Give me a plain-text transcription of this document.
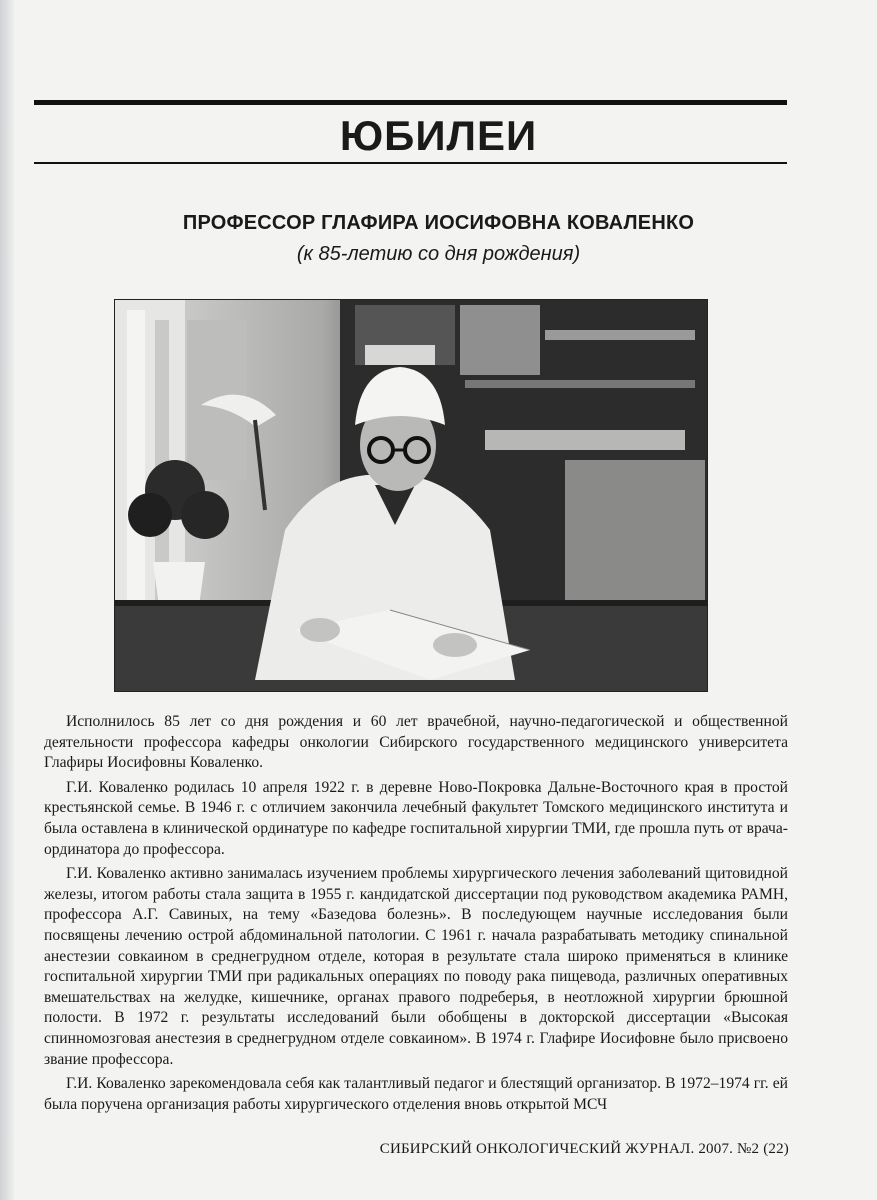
ЮБИЛЕИ
ПРОФЕССОР ГЛАФИРА ИОСИФОВНА КОВАЛЕНКО
(к 85-летию со дня рождения)

Исполнилось 85 лет со дня рождения и 60 лет врачебной, научно-педагогической и общественной деятельности профессора кафедры онкологии Сибирского государственного медицинского университета Глафиры Иосифовны Коваленко.

Г.И. Коваленко родилась 10 апреля 1922 г. в деревне Ново-Покровка Дальне-Восточного края в простой крестьянской семье. В 1946 г. с отличием закончила лечебный факультет Томского медицинского института и была оставлена в клинической ординатуре по кафедре госпитальной хирургии ТМИ, где прошла путь от врача-ординатора до профессора.

Г.И. Коваленко активно занималась изучением проблемы хирургического лечения заболеваний щитовидной железы, итогом работы стала защита в 1955 г. кандидатской диссертации под руководством академика РАМН, профессора А.Г. Савиных, на тему «Базедова болезнь». В последующем научные исследования были посвящены лечению острой абдоминальной патологии. С 1961 г. начала разрабатывать методику спинальной анестезии совкаином в среднегрудном отделе, которая в результате стала широко применяться в клинике госпитальной хирургии ТМИ при радикальных операциях по поводу рака пищевода, различных оперативных вмешательствах на желудке, кишечнике, органах правого подреберья, в неотложной хирургии брюшной полости. В 1972 г. результаты исследований были обобщены в докторской диссертации «Высокая спинномозговая анестезия в среднегрудном отделе совкаином». В 1974 г. Глафире Иосифовне было присвоено звание профессора.

Г.И. Коваленко зарекомендовала себя как талантливый педагог и блестящий организатор. В 1972–1974 гг. ей была поручена организация работы хирургического отделения вновь открытой МСЧ

СИБИРСКИЙ ОНКОЛОГИЧЕСКИЙ ЖУРНАЛ. 2007. №2 (22)
